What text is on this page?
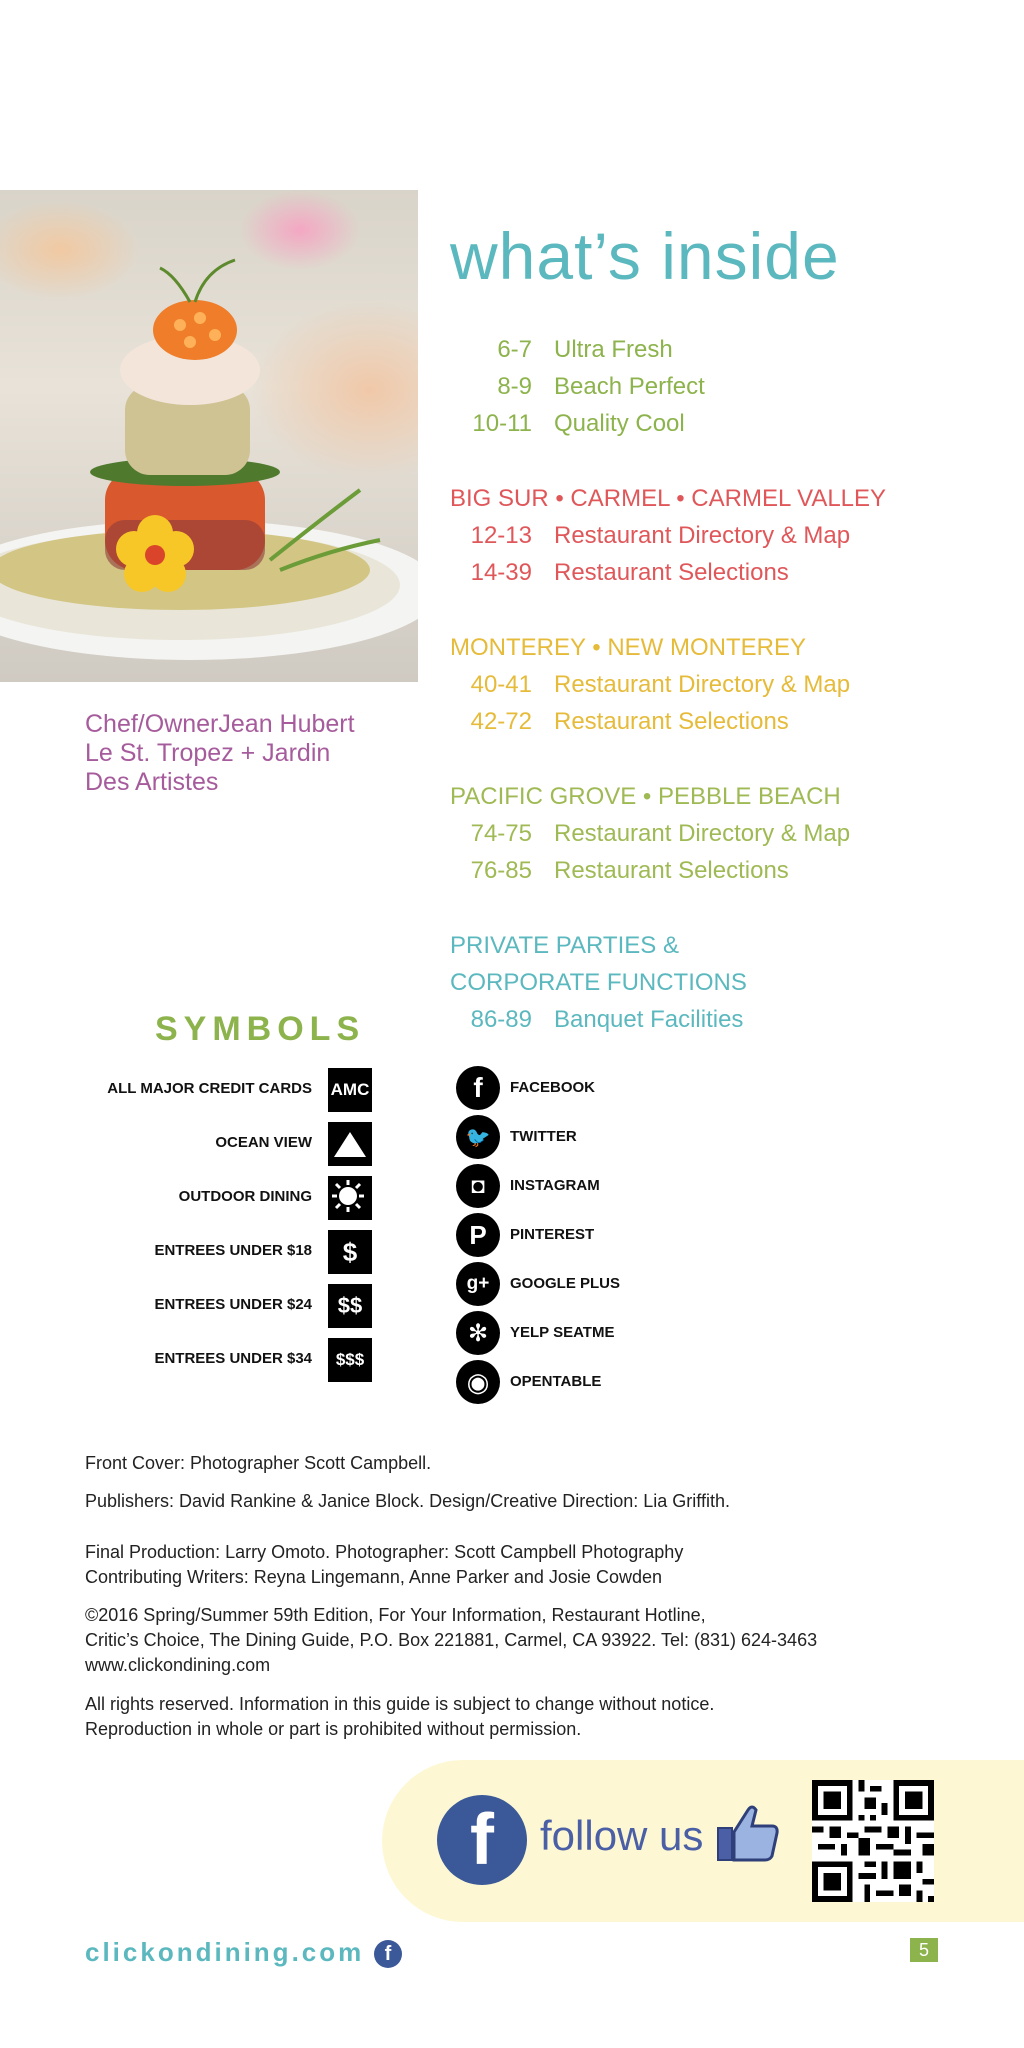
Chef/OwnerJean Hubert
Le St. Tropez + Jardin
Des Artistes
what’s inside
6-7 Ultra Fresh
8-9 Beach Perfect
10-11 Quality Cool
BIG SUR • CARMEL • CARMEL VALLEY
12-13 Restaurant Directory & Map
14-39 Restaurant Selections
MONTEREY • NEW MONTEREY
40-41 Restaurant Directory & Map
42-72 Restaurant Selections
PACIFIC GROVE • PEBBLE BEACH
74-75 Restaurant Directory & Map
76-85 Restaurant Selections
PRIVATE PARTIES &
CORPORATE FUNCTIONS
86-89 Banquet Facilities
SYMBOLS
ALL MAJOR CREDIT CARDS AMC
OCEAN VIEW
OUTDOOR DINING
ENTREES UNDER $18	$
ENTREES UNDER $24	$$
ENTREES UNDER $34	$$$
f	FACEBOOK
🐦	TWITTER
◘	INSTAGRAM
P	PINTEREST
g+	GOOGLE PLUS
✻	YELP SEATME
◉	OPENTABLE
Front Cover: Photographer Scott Campbell.
Publishers: David Rankine & Janice Block. Design/Creative Direction: Lia Griffith.
Final Production: Larry Omoto. Photographer: Scott Campbell Photography
Contributing Writers: Reyna Lingemann, Anne Parker and Josie Cowden
©2016 Spring/Summer 59th Edition, For Your Information, Restaurant Hotline,
Critic’s Choice, The Dining Guide, P.O. Box 221881, Carmel, CA 93922. Tel: (831) 624-3463
www.clickondining.com
All rights reserved. Information in this guide is subject to change without notice.
Reproduction in whole or part is prohibited without permission.
f	follow us
clickondining.com	f	5
